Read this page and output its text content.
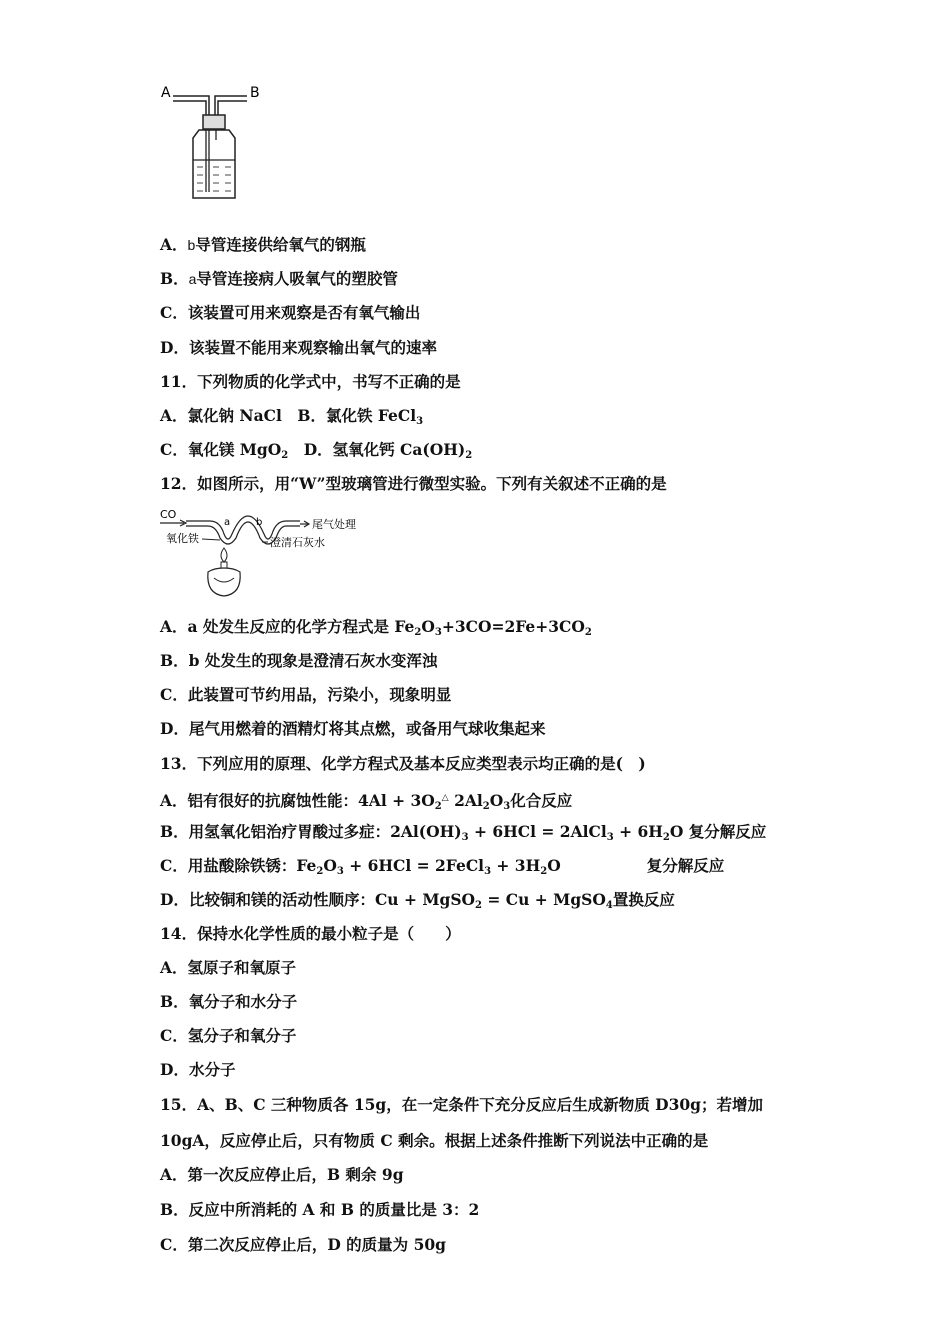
A	B
A．b导管连接供给氧气的钢瓶
B．a导管连接病人吸氧气的塑胶管
C．该装置可用来观察是否有氧气输出
D．该装置不能用来观察输出氧气的速率
11．下列物质的化学式中，书写不正确的是
A．氯化钠 NaCl　B．氯化铁 FeCl$_3$
C．氧化镁 MgO$_2$　D．氢氧化钙 $Ca(OH)_2$
12．如图所示，用“W”型玻璃管进行微型实验。下列有关叙述不正确的是
CO
a	b	尾气处理
氧化铁	澄清石灰水
A．a 处发生反应的化学方程式是 $Fe_2O_3+3CO=2Fe+3CO_2$
B．b 处发生的现象是澄清石灰水变浑浊
C．此装置可节约用品，污染小，现象明显
D．尾气用燃着的酒精灯将其点燃，或备用气球收集起来
13．下列应用的原理、化学方程式及基本反应类型表示均正确的是(　)
A．铝有很好的抗腐蚀性能：$4Al + 3O_2^\triangle$ $2Al_2O_3$化合反应
B．用氢氧化铝治疗胃酸过多症：$2Al(OH)_3 + 6HCl$ = 2AlCl$_3$ + $6H_2O$ 复分解反应
C．用盐酸除铁锈：$Fe_2O_3 + 6HCl$ = 2FeCl$_3$ + $3H_2O$	复分解反应
D．比较铜和镁的活动性顺序：Cu + MgSO$_2$ = Cu + MgSO$_4$置换反应
14．保持水化学性质的最小粒子是（　　）
A．氢原子和氧原子
B．氧分子和水分子
C．氢分子和氧分子
D．水分子
15．A、B、C 三种物质各 15g，在一定条件下充分反应后生成新物质 D30g；若增加
10gA，反应停止后，只有物质 C 剩余。根据上述条件推断下列说法中正确的是
A．第一次反应停止后，B 剩余 9g
B．反应中所消耗的 A 和 B 的质量比是 3：2
C．第二次反应停止后，D 的质量为 50g
